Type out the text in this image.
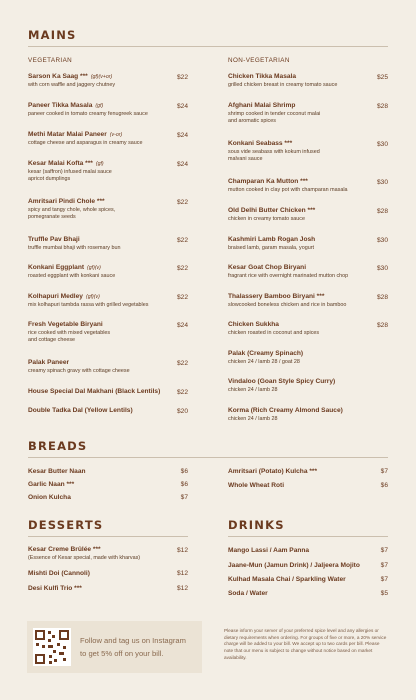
MAINS
VEGETARIAN	NON-VEGETARIAN
Sarson Ka Saag *** (gf)(v+or)
with corn waffle and jaggery chutney
$22
Paneer Tikka Masala (gf)
paneer cooked in tomato creamy fenugreek sauce
$24
Methi Matar Malai Paneer (v-or)
cottage cheese and asparagus in creamy sauce
$24
Kesar Malai Kofta *** (gf)
kesar (saffron) infused malai sauce
apricot dumplings
$24
Amritsari Pindi Chole ***
spicy and tangy chole, whole spices,
pomegranate seeds
$22
Truffle Pav Bhaji
truffle mumbai bhaji with rosemary bun
$22
Konkani Eggplant (gf)(v)
roasted eggplant with konkani sauce
$22
Kolhapuri Medley (gf)(v)
mix kolhapuri tambda rassa with grilled vegetables
$22
Fresh Vegetable Biryani
rice cooked with mixed vegetables
and cottage cheese
$24
Palak Paneer
creamy spinach gravy with cottage cheese
$22
House Special Dal Makhani (Black Lentils)	$22
Double Tadka Dal (Yellow Lentils)	$20
Chicken Tikka Masala
grilled chicken breast in creamy tomato sauce
$25
Afghani Malai Shrimp
shrimp cooked in tender coconut malai
and aromatic spices
$28
Konkani Seabass ***
sous vide seabass with kokum infused
malvani sauce
$30
Champaran Ka Mutton ***
mutton cooked in clay pot with champaran masala
$30
Old Delhi Butter Chicken ***
chicken in creamy tomato sauce
$28
Kashmiri Lamb Rogan Josh
braised lamb, garam masala, yogurt
$30
Kesar Goat Chop Biryani
fragrant rice with overnight marinated mutton chop
$30
Thalassery Bamboo Biryani ***
slowcooked boneless chicken and rice in bamboo
$28
Chicken Sukkha
chicken roasted in coconut and spices
$28
Palak (Creamy Spinach)
chicken 24 / lamb 28 / goat 28
Vindaloo (Goan Style Spicy Curry)
chicken 24 / lamb 28
Korma (Rich Creamy Almond Sauce)
chicken 24 / lamb 28
BREADS
Kesar Butter Naan	$6
Garlic Naan ***	$6
Onion Kulcha	$7
Amritsari (Potato) Kulcha ***	$7
Whole Wheat Roti	$6
DESSERTS
Kesar Creme Brûlée ***
(Essence of Kesar special, made with kharvas)
$12
Mishti Doi (Cannoli)	$12
Desi Kulfi Trio ***	$12
DRINKS
Mango Lassi / Aam Panna	$7
Jaane-Mun (Jamun Drink) / Jaljeera Mojito	$7
Kulhad Masala Chai / Sparkling Water	$7
Soda / Water	$5
Follow and tag us on Instagram
to get 5% off on your bill.
Please inform your server of your preferred spice level and any allergies or dietary requirements when ordering. For groups of five or more, a 20% service charge will be added to your bill. We accept up to two cards per bill. Please note that our menu is subject to change without notice based on market availability.
